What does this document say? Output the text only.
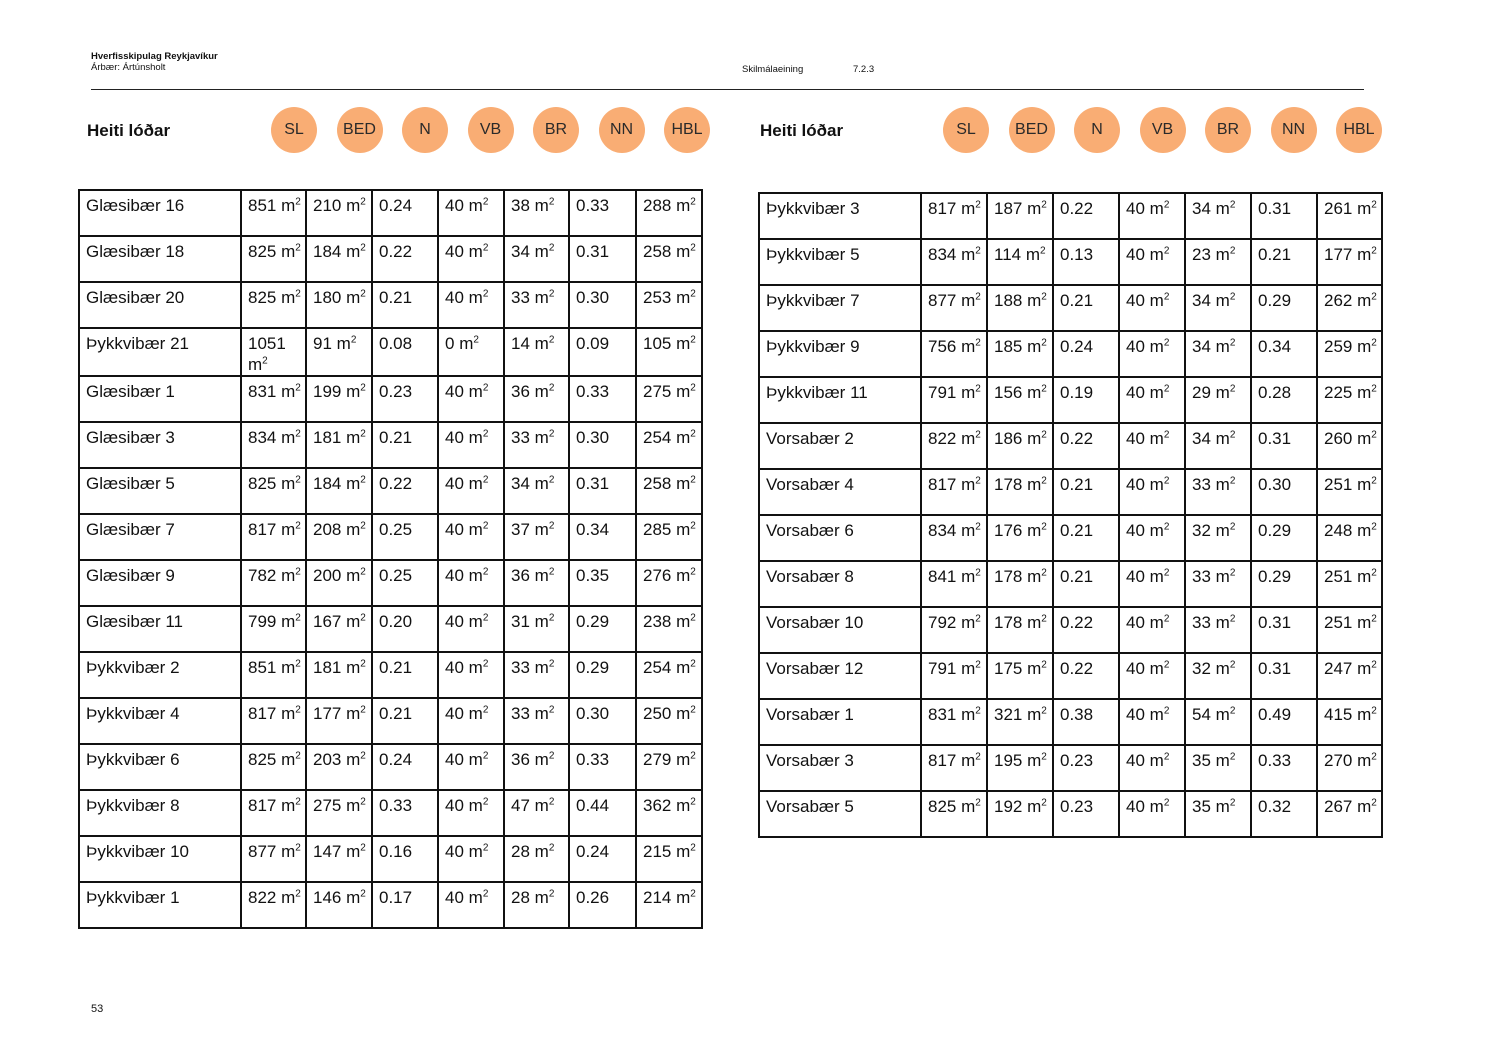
Hverfisskipulag Reykjavíkur
Árbær: Ártúnsholt	Skilmálaeining	7.2.3
Heiti lóðar	Heiti lóðar
SL	BED	N	VB	BR	NN	HBL	SL	BED	N	VB	BR	NN	HBL
Glæsibær 16	851 $m^2$	210 $m^2$	0.24	40 $m^2$	38 $m^2$	0.33	288 $m^2$
Glæsibær 18	825 $m^2$	184 $m^2$	0.22	40 $m^2$	34 $m^2$	0.31	258 $m^2$
Glæsibær 20	825 $m^2$	180 $m^2$	0.21	40 $m^2$	33 $m^2$	0.30	253 $m^2$
Þykkvibær 21	1051 $m^2$	91 $m^2$	0.08	0 $m^2$	14 $m^2$	0.09	105 $m^2$
Glæsibær 1	831 $m^2$	199 $m^2$	0.23	40 $m^2$	36 $m^2$	0.33	275 $m^2$
Glæsibær 3	834 $m^2$	181 $m^2$	0.21	40 $m^2$	33 $m^2$	0.30	254 $m^2$
Glæsibær 5	825 $m^2$	184 $m^2$	0.22	40 $m^2$	34 $m^2$	0.31	258 $m^2$
Glæsibær 7	817 $m^2$	208 $m^2$	0.25	40 $m^2$	37 $m^2$	0.34	285 $m^2$
Glæsibær 9	782 $m^2$	200 $m^2$	0.25	40 $m^2$	36 $m^2$	0.35	276 $m^2$
Glæsibær 11	799 $m^2$	167 $m^2$	0.20	40 $m^2$	31 $m^2$	0.29	238 $m^2$
Þykkvibær 2	851 $m^2$	181 $m^2$	0.21	40 $m^2$	33 $m^2$	0.29	254 $m^2$
Þykkvibær 4	817 $m^2$	177 $m^2$	0.21	40 $m^2$	33 $m^2$	0.30	250 $m^2$
Þykkvibær 6	825 $m^2$	203 $m^2$	0.24	40 $m^2$	36 $m^2$	0.33	279 $m^2$
Þykkvibær 8	817 $m^2$	275 $m^2$	0.33	40 $m^2$	47 $m^2$	0.44	362 $m^2$
Þykkvibær 10	877 $m^2$	147 $m^2$	0.16	40 $m^2$	28 $m^2$	0.24	215 $m^2$
Þykkvibær 1	822 $m^2$	146 $m^2$	0.17	40 $m^2$	28 $m^2$	0.26	214 $m^2$
Þykkvibær 3	817 $m^2$	187 $m^2$	0.22	40 $m^2$	34 $m^2$	0.31	261 $m^2$
Þykkvibær 5	834 $m^2$	114 $m^2$	0.13	40 $m^2$	23 $m^2$	0.21	177 $m^2$
Þykkvibær 7	877 $m^2$	188 $m^2$	0.21	40 $m^2$	34 $m^2$	0.29	262 $m^2$
Þykkvibær 9	756 $m^2$	185 $m^2$	0.24	40 $m^2$	34 $m^2$	0.34	259 $m^2$
Þykkvibær 11	791 $m^2$	156 $m^2$	0.19	40 $m^2$	29 $m^2$	0.28	225 $m^2$
Vorsabær 2	822 $m^2$	186 $m^2$	0.22	40 $m^2$	34 $m^2$	0.31	260 $m^2$
Vorsabær 4	817 $m^2$	178 $m^2$	0.21	40 $m^2$	33 $m^2$	0.30	251 $m^2$
Vorsabær 6	834 $m^2$	176 $m^2$	0.21	40 $m^2$	32 $m^2$	0.29	248 $m^2$
Vorsabær 8	841 $m^2$	178 $m^2$	0.21	40 $m^2$	33 $m^2$	0.29	251 $m^2$
Vorsabær 10	792 $m^2$	178 $m^2$	0.22	40 $m^2$	33 $m^2$	0.31	251 $m^2$
Vorsabær 12	791 $m^2$	175 $m^2$	0.22	40 $m^2$	32 $m^2$	0.31	247 $m^2$
Vorsabær 1	831 $m^2$	321 $m^2$	0.38	40 $m^2$	54 $m^2$	0.49	415 $m^2$
Vorsabær 3	817 $m^2$	195 $m^2$	0.23	40 $m^2$	35 $m^2$	0.33	270 $m^2$
Vorsabær 5	825 $m^2$	192 $m^2$	0.23	40 $m^2$	35 $m^2$	0.32	267 $m^2$
53
